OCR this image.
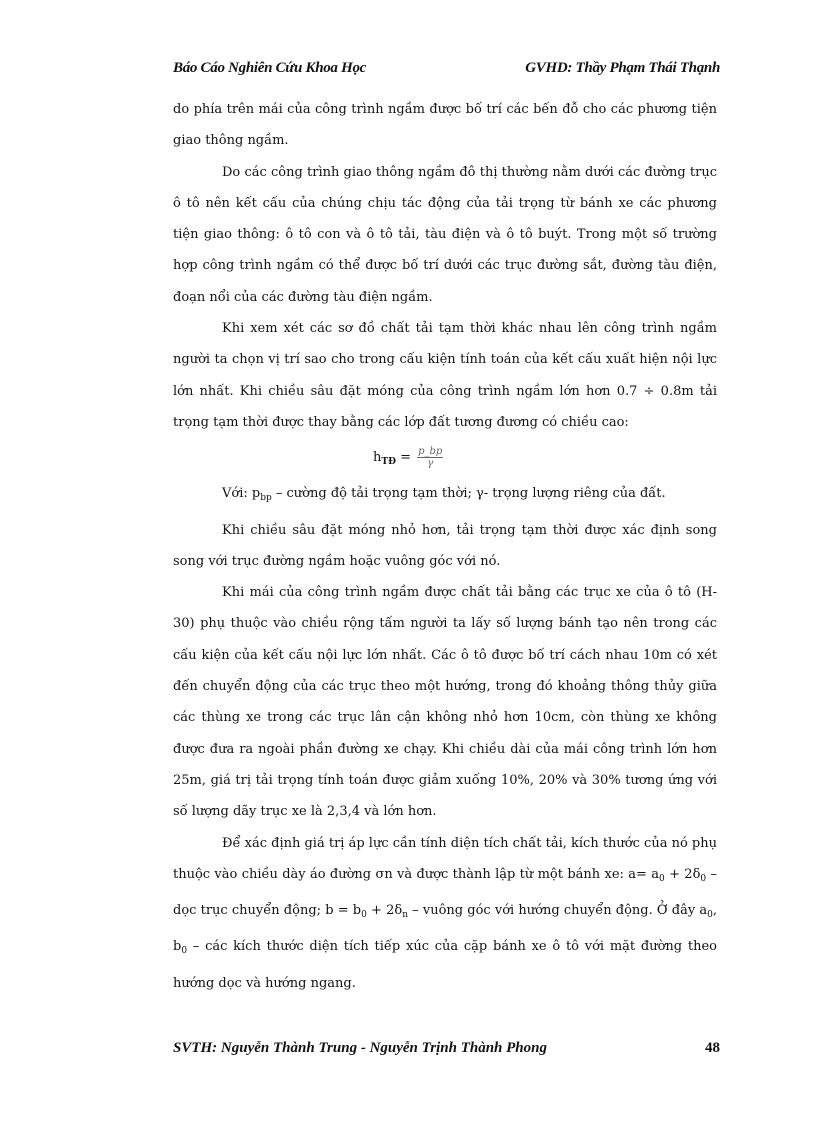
Báo Cáo Nghiên Cứu Khoa Học	GVHD: Thầy Phạm Thái Thạnh

do phía trên mái của công trình ngầm được bố trí các bến đỗ cho các phương tiện giao thông ngầm.

Do các công trình giao thông ngầm đô thị thường nằm dưới các đường trục ô tô nên kết cấu của chúng chịu tác động của tải trọng từ bánh xe các phương tiện giao thông: ô tô con và ô tô tải, tàu điện và ô tô buýt. Trong một số trường hợp công trình ngầm có thể được bố trí dưới các trục đường sắt, đường tàu điện, đoạn nổi của các đường tàu điện ngầm.

Khi xem xét các sơ đồ chất tải tạm thời khác nhau lên công trình ngầm người ta chọn vị trí sao cho trong cấu kiện tính toán của kết cấu xuất hiện nội lực lớn nhất. Khi chiều sâu đặt móng của công trình ngầm lớn hơn 0.7 ÷ 0.8m tải trọng tạm thời được thay bằng các lớp đất tương đương có chiều cao:

$h_{TĐ} = \frac{p\_bp}{\gamma}$

Với: $p_{bp}$ – cường độ tải trọng tạm thời; γ- trọng lượng riêng của đất.

Khi chiều sâu đặt móng nhỏ hơn, tải trọng tạm thời được xác định song song với trục đường ngầm hoặc vuông góc với nó.

Khi mái của công trình ngầm được chất tải bằng các trục xe của ô tô (H-30) phụ thuộc vào chiều rộng tấm người ta lấy số lượng bánh tạo nên trong các cấu kiện của kết cấu nội lực lớn nhất. Các ô tô được bố trí cách nhau 10m có xét đến chuyển động của các trục theo một hướng, trong đó khoảng thông thủy giữa các thùng xe trong các trục lân cận không nhỏ hơn 10cm, còn thùng xe không được đưa ra ngoài phần đường xe chạy. Khi chiều dài của mái công trình lớn hơn 25m, giá trị tải trọng tính toán được giảm xuống 10%, 20% và 30% tương ứng với số lượng dãy trục xe là 2,3,4 và lớn hơn.

Để xác định giá trị áp lực cần tính diện tích chất tải, kích thước của nó phụ thuộc vào chiều dày áo đường σn và được thành lập từ một bánh xe: $a= a_0 + 2\delta_0$ – dọc trục chuyển động; $b = b_0 + 2\delta_n$ – vuông góc với hướng chuyển động. Ở đây $a_0$, $b_0$ – các kích thước diện tích tiếp xúc của cặp bánh xe ô tô với mặt đường theo hướng dọc và hướng ngang.

SVTH: Nguyễn Thành Trung - Nguyễn Trịnh Thành Phong	48
